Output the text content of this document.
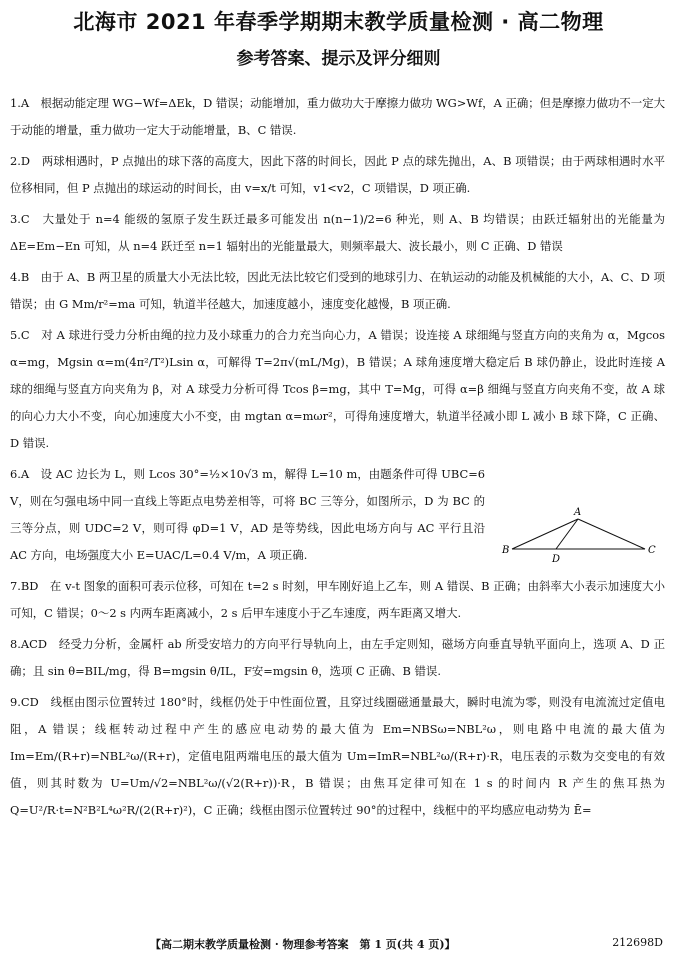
北海市 2021 年春季学期期末教学质量检测 · 高二物理
参考答案、提示及评分细则
1.A　 根据动能定理 WG−Wf=ΔEk，D 错误；动能增加，重力做功大于摩擦力做功 WG>Wf，A 正确；但是摩擦力做功不一定大于动能的增量，重力做功一定大于动能增量，B、C 错误.
2.D　 两球相遇时，P 点抛出的球下落的高度大，因此下落的时间长，因此 P 点的球先抛出，A、B 项错误；由于两球相遇时水平位移相同，但 P 点抛出的球运动的时间长，由 v=x/t 可知，v1<v2，C 项错误，D 项正确.
3.C　 大量处于 n=4 能级的氢原子发生跃迁最多可能发出 n(n−1)/2=6 种光，则 A、B 均错误；由跃迁辐射出的光能量为 ΔE=Em−En 可知，从 n=4 跃迁至 n=1 辐射出的光能量最大，则频率最大、波长最小，则 C 正确、D 错误
4.B　 由于 A、B 两卫星的质量大小无法比较，因此无法比较它们受到的地球引力、在轨运动的动能及机械能的大小，A、C、D 项错误；由 G Mm/r²=ma 可知，轨道半径越大，加速度越小，速度变化越慢，B 项正确.
5.C　 对 A 球进行受力分析由绳的拉力及小球重力的合力充当向心力，A 错误；设连接 A 球细绳与竖直方向的夹角为 α，Mgcos α=mg，Mgsin α=m(4π²/T²)Lsin α，可解得 T=2π√(mL/Mg)，B 错误；A 球角速度增大稳定后 B 球仍静止，设此时连接 A 球的细绳与竖直方向夹角为 β，对 A 球受力分析可得 Tcos β=mg，其中 T=Mg，可得 α=β 细绳与竖直方向夹角不变，故 A 球的向心力大小不变，向心加速度大小不变，由 mgtan α=mωr²，可得角速度增大，轨道半径减小即 L 减小 B 球下降，C 正确、D 错误.
6.A　 设 AC 边长为 L，则 Lcos 30°=½×10√3 m，解得 L=10 m，由题条件可得 UBC=6 V，则在匀强电场中同一直线上等距点电势差相等，可将 BC 三等分，如图所示，D 为 BC 的三等分点，则 UDC=2 V，则可得 φD=1 V，AD 是等势线，因此电场方向与 AC 平行且沿 AC 方向，电场强度大小 E=UAC/L=0.4 V/m，A 项正确.
7.BD　 在 v-t 图象的面积可表示位移，可知在 t=2 s 时刻，甲车刚好追上乙车，则 A 错误、B 正确；由斜率大小表示加速度大小可知，C 错误；0～2 s 内两车距离减小，2 s 后甲车速度小于乙车速度，两车距离又增大.
8.ACD　 经受力分析，金属杆 ab 所受安培力的方向平行导轨向上，由左手定则知，磁场方向垂直导轨平面向上，选项 A、D 正确；且 sin θ=BIL/mg，得 B=mgsin θ/IL，F安=mgsin θ，选项 C 正确、B 错误.
9.CD　 线框由图示位置转过 180°时，线框仍处于中性面位置，且穿过线圈磁通量最大，瞬时电流为零，则没有电流流过定值电阻，A 错误；线框转动过程中产生的感应电动势的最大值为 Em=NBSω=NBL²ω，则电路中电流的最大值为 Im=Em/(R+r)=NBL²ω/(R+r)，定值电阻两端电压的最大值为 Um=ImR=NBL²ω/(R+r)·R，电压表的示数为交变电的有效值，则其时数为 U=Um/√2=NBL²ω/(√2(R+r))·R，B 错误；由焦耳定律可知在 1 s 的时间内 R 产生的焦耳热为 Q=U²/R·t=N²B²L⁴ω²R/(2(R+r)²)，C 正确；线框由图示位置转过 90°的过程中，线框中的平均感应电动势为 Ē=
A
B
D
C
【高二期末教学质量检测 · 物理参考答案　第 1 页(共 4 页)】	212698D
